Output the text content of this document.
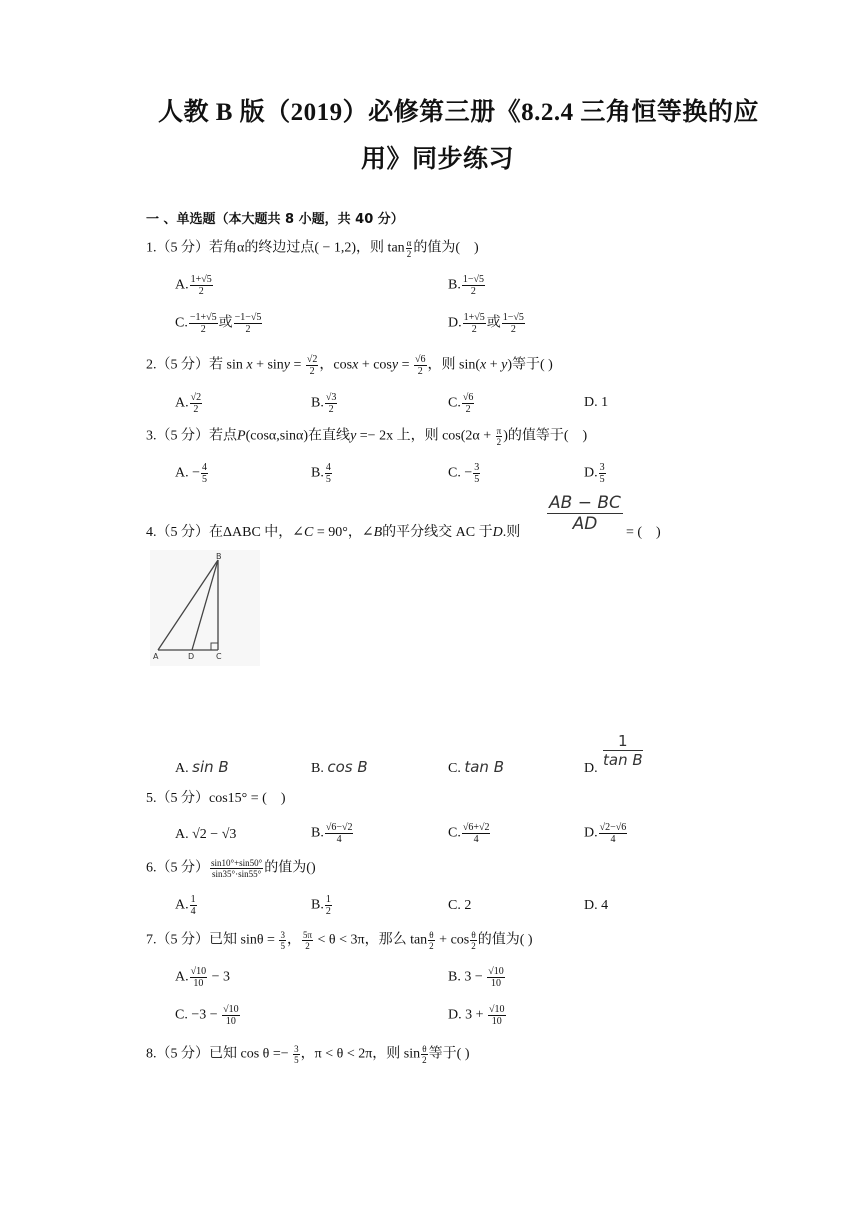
人教 B 版（2019）必修第三册《8.2.4 三角恒等换的应
用》同步练习
一 、单选题（本大题共 8 小题，共 40 分）
1.（5 分）若角α的终边过点( − 1,2)，则 $\tan \frac{\alpha}{2}$ 的值为(　)
A. $\frac{1+√5}{2}$	B. $\frac{1-√5}{2}$
C. $\frac{-1+√5}{2}$ 或 $\frac{-1-√5}{2}$	D. $\frac{1+√5}{2}$ 或 $\frac{1-√5}{2}$
2.（5 分）若 $\sin x + \sin y = \frac{√2}{2}$ ，$\cos x + \cos y = \frac{√6}{2}$ ，则 sin(x + y)等于( )
A. $\frac{√2}{2}$	B. $\frac{√3}{2}$	C. $\frac{√6}{2}$	D. 1
3.（5 分）若点P(cosα,sinα)在直线y =− 2x 上，则 $\cos(2\alpha + \frac{\pi}{2}$ )的值等于(　)
A. − $\frac{4}{5}$	B. $\frac{4}{5}$	C. − $\frac{3}{5}$	D. $\frac{3}{5}$
4.（5 分）在ΔABC 中，∠C = 90°，∠B的平分线交 AC 于D.则
AB − BC
AD	= (　)
B
A	D	C
A. sin B	B. cos B	C. tan B	D.
1
tan B
5.（5 分）cos15° = (　)
A. √2 − √3	B. $\frac{√6-√2}{4}$	C. $\frac{√6+√2}{4}$	D. $\frac{√2-√6}{4}$
6.（5 分） $\frac{\sin 10^\circ+\sin 50^\circ}{\sin 35^\circ\cdot\sin 55^\circ}$ 的值为()
A. $\frac{1}{4}$	B. $\frac{1}{2}$	C. 2	D. 4
7.（5 分）已知 $\sin\theta = \frac{3}{5}$ ， $\frac{5\pi}{2} < \theta < 3\pi$，那么 $\tan \frac{\theta}{2} + \cos \frac{\theta}{2}$ 的值为( )
A. $\frac{√10}{10} - 3$	B. $3 - \frac{√10}{10}$
C. $-3 - \frac{√10}{10}$	D. $3 + \frac{√10}{10}$
8.（5 分）已知 $\cos \theta =- \frac{3}{5}$ ，π < θ < 2π，则 $\sin \frac{\theta}{2}$ 等于( )
